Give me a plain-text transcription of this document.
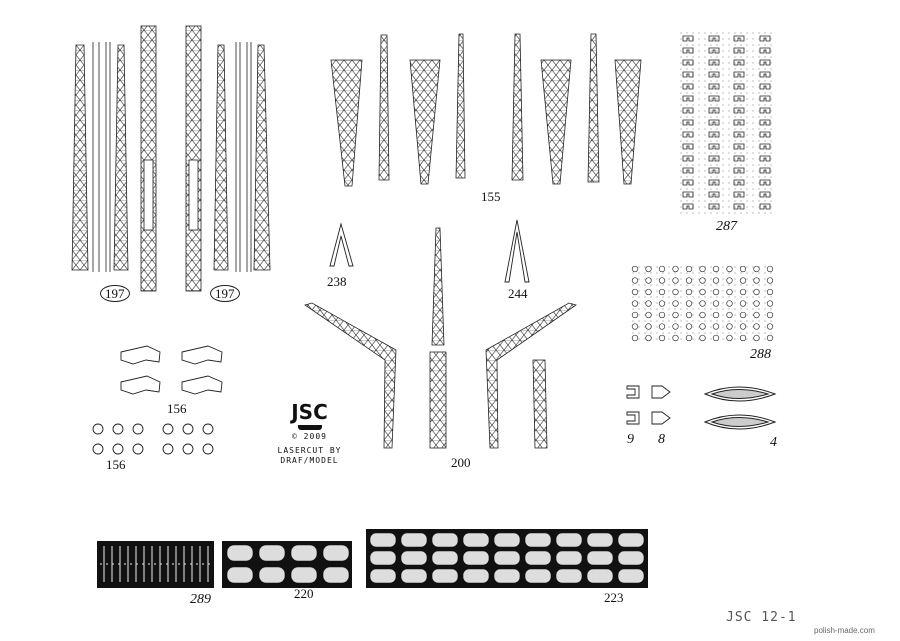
197	197
155
287
238
244
288
156
156	200
9 8	4
289	220	223
JSC
© 2009
LASERCUT BY
DRAF/MODEL
JSC 12-1
polish-made.com
